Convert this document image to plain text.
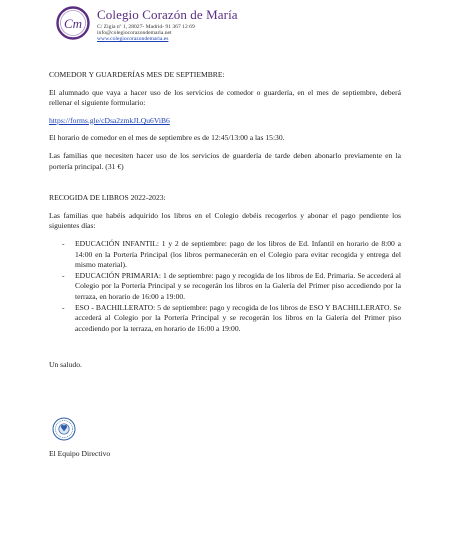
Cm
Colegio Corazón de María
C/ Zigia nº 1, 28027- Madrid- 91 367 12 69
info@colegiocorazondemaria.net
www.colegiocorazondemaria.es

COMEDOR Y GUARDERÍAS MES DE SEPTIEMBRE:

El alumnado que vaya a hacer uso de los servicios de comedor o guardería, en el mes de septiembre, deberá rellenar el siguiente formulario:

https://forms.gle/cDsa2zmkJLQu6ViB6

El horario de comedor en el mes de septiembre es de 12:45/13:00 a las 15:30.

Las familias que necesiten hacer uso de los servicios de guardería de tarde deben abonarlo previamente en la portería principal. (31 €)

RECOGIDA DE LIBROS 2022-2023:

Las familias que habéis adquirido los libros en el Colegio debéis recogerlos y abonar el pago pendiente los siguientes días:

- EDUCACIÓN INFANTIL: 1 y 2 de septiembre: pago de los libros de Ed. Infantil en horario de 8:00 a 14:00 en la Portería Principal (los libros permanecerán en el Colegio para evitar recogida y entrega del mismo material).
- EDUCACIÓN PRIMARIA: 1 de septiembre: pago y recogida de los libros de Ed. Primaria. Se accederá al Colegio por la Portería Principal y se recogerán los libros en la Galería del Primer piso accediendo por la terraza, en horario de 16:00 a 19:00.
- ESO - BACHILLERATO: 5 de septiembre: pago y recogida de los libros de ESO Y BACHILLERATO. Se accederá al Colegio por la Portería Principal y se recogerán los libros en la Galería del Primer piso accediendo por la terraza, en horario de 16:00 a 19:00.

Un saludo.

El Equipo Directivo
